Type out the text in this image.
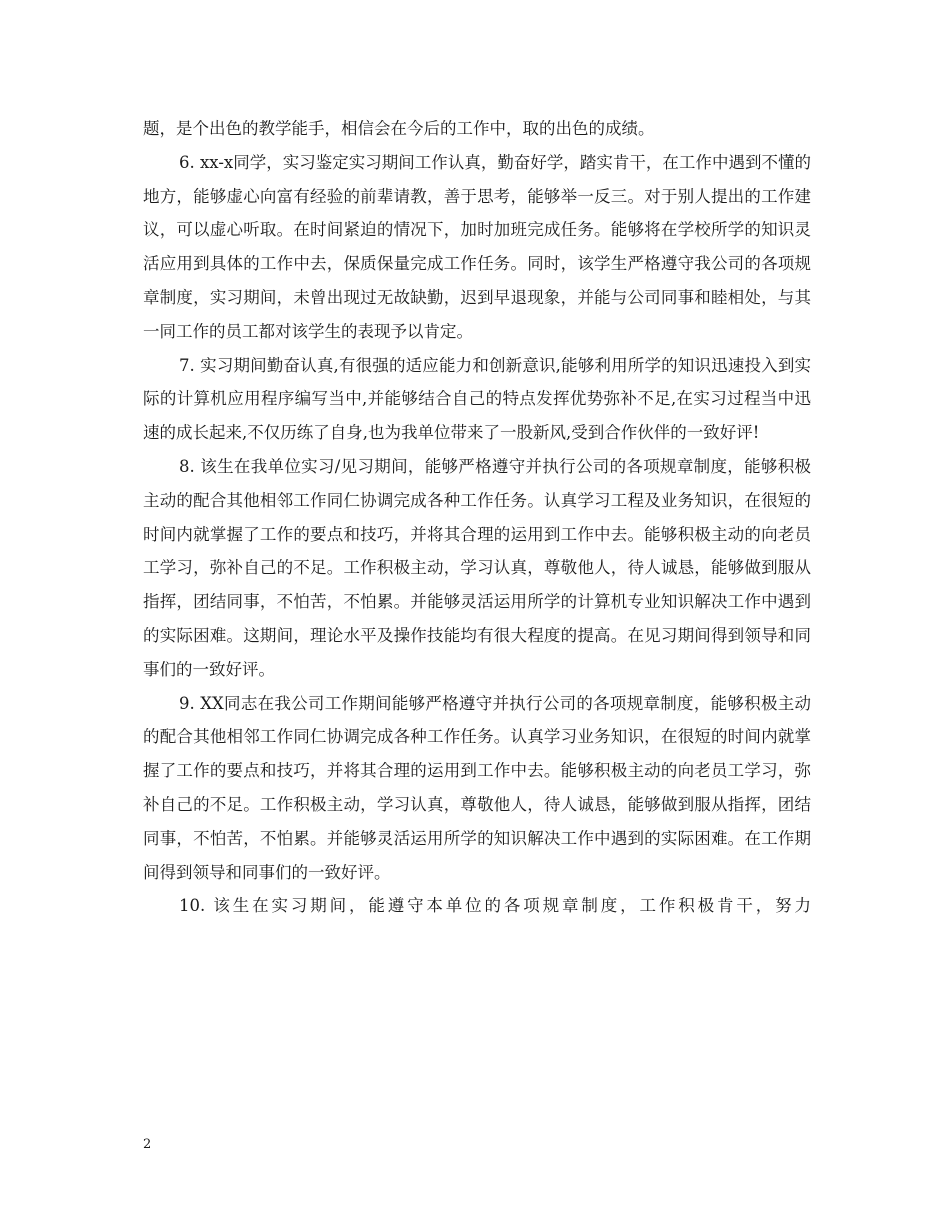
题，是个出色的教学能手，相信会在今后的工作中，取的出色的成绩。

6. xx-x同学，实习鉴定实习期间工作认真，勤奋好学，踏实肯干，在工作中遇到不懂的地方，能够虚心向富有经验的前辈请教，善于思考，能够举一反三。对于别人提出的工作建议，可以虚心听取。在时间紧迫的情况下，加时加班完成任务。能够将在学校所学的知识灵活应用到具体的工作中去，保质保量完成工作任务。同时，该学生严格遵守我公司的各项规章制度，实习期间，未曾出现过无故缺勤，迟到早退现象，并能与公司同事和睦相处，与其一同工作的员工都对该学生的表现予以肯定。

7. 实习期间勤奋认真,有很强的适应能力和创新意识,能够利用所学的知识迅速投入到实际的计算机应用程序编写当中,并能够结合自己的特点发挥优势弥补不足,在实习过程当中迅速的成长起来,不仅历练了自身,也为我单位带来了一股新风,受到合作伙伴的一致好评!

8. 该生在我单位实习/见习期间，能够严格遵守并执行公司的各项规章制度，能够积极主动的配合其他相邻工作同仁协调完成各种工作任务。认真学习工程及业务知识，在很短的时间内就掌握了工作的要点和技巧，并将其合理的运用到工作中去。能够积极主动的向老员工学习，弥补自己的不足。工作积极主动，学习认真，尊敬他人，待人诚恳，能够做到服从指挥，团结同事，不怕苦，不怕累。并能够灵活运用所学的计算机专业知识解决工作中遇到的实际困难。这期间，理论水平及操作技能均有很大程度的提高。在见习期间得到领导和同事们的一致好评。

9. XX同志在我公司工作期间能够严格遵守并执行公司的各项规章制度，能够积极主动的配合其他相邻工作同仁协调完成各种工作任务。认真学习业务知识，在很短的时间内就掌握了工作的要点和技巧，并将其合理的运用到工作中去。能够积极主动的向老员工学习，弥补自己的不足。工作积极主动，学习认真，尊敬他人，待人诚恳，能够做到服从指挥，团结同事，不怕苦，不怕累。并能够灵活运用所学的知识解决工作中遇到的实际困难。在工作期间得到领导和同事们的一致好评。

10. 该生在实习期间，能遵守本单位的各项规章制度，工作积极肯干，努力

2
